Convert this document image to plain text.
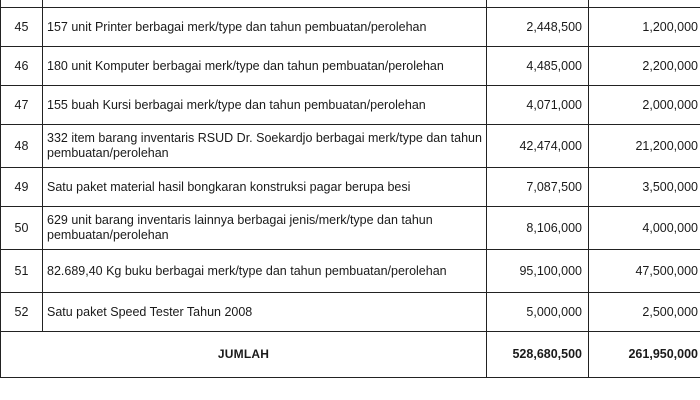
45	157 unit Printer berbagai merk/type dan tahun pembuatan/perolehan	2,448,500	1,200,000
46	180 unit Komputer berbagai merk/type dan tahun pembuatan/perolehan	4,485,000	2,200,000
47	155 buah Kursi berbagai merk/type dan tahun pembuatan/perolehan	4,071,000	2,000,000
48	332 item barang inventaris RSUD Dr. Soekardjo berbagai merk/type dan tahun pembuatan/perolehan	42,474,000	21,200,000
49	Satu paket material hasil bongkaran konstruksi pagar berupa besi	7,087,500	3,500,000
50	629 unit barang inventaris lainnya berbagai jenis/merk/type dan tahun pembuatan/perolehan	8,106,000	4,000,000
51	82.689,40 Kg buku berbagai merk/type dan tahun pembuatan/perolehan	95,100,000	47,500,000
52	Satu paket Speed Tester Tahun 2008	5,000,000	2,500,000
JUMLAH		528,680,500	261,950,000
